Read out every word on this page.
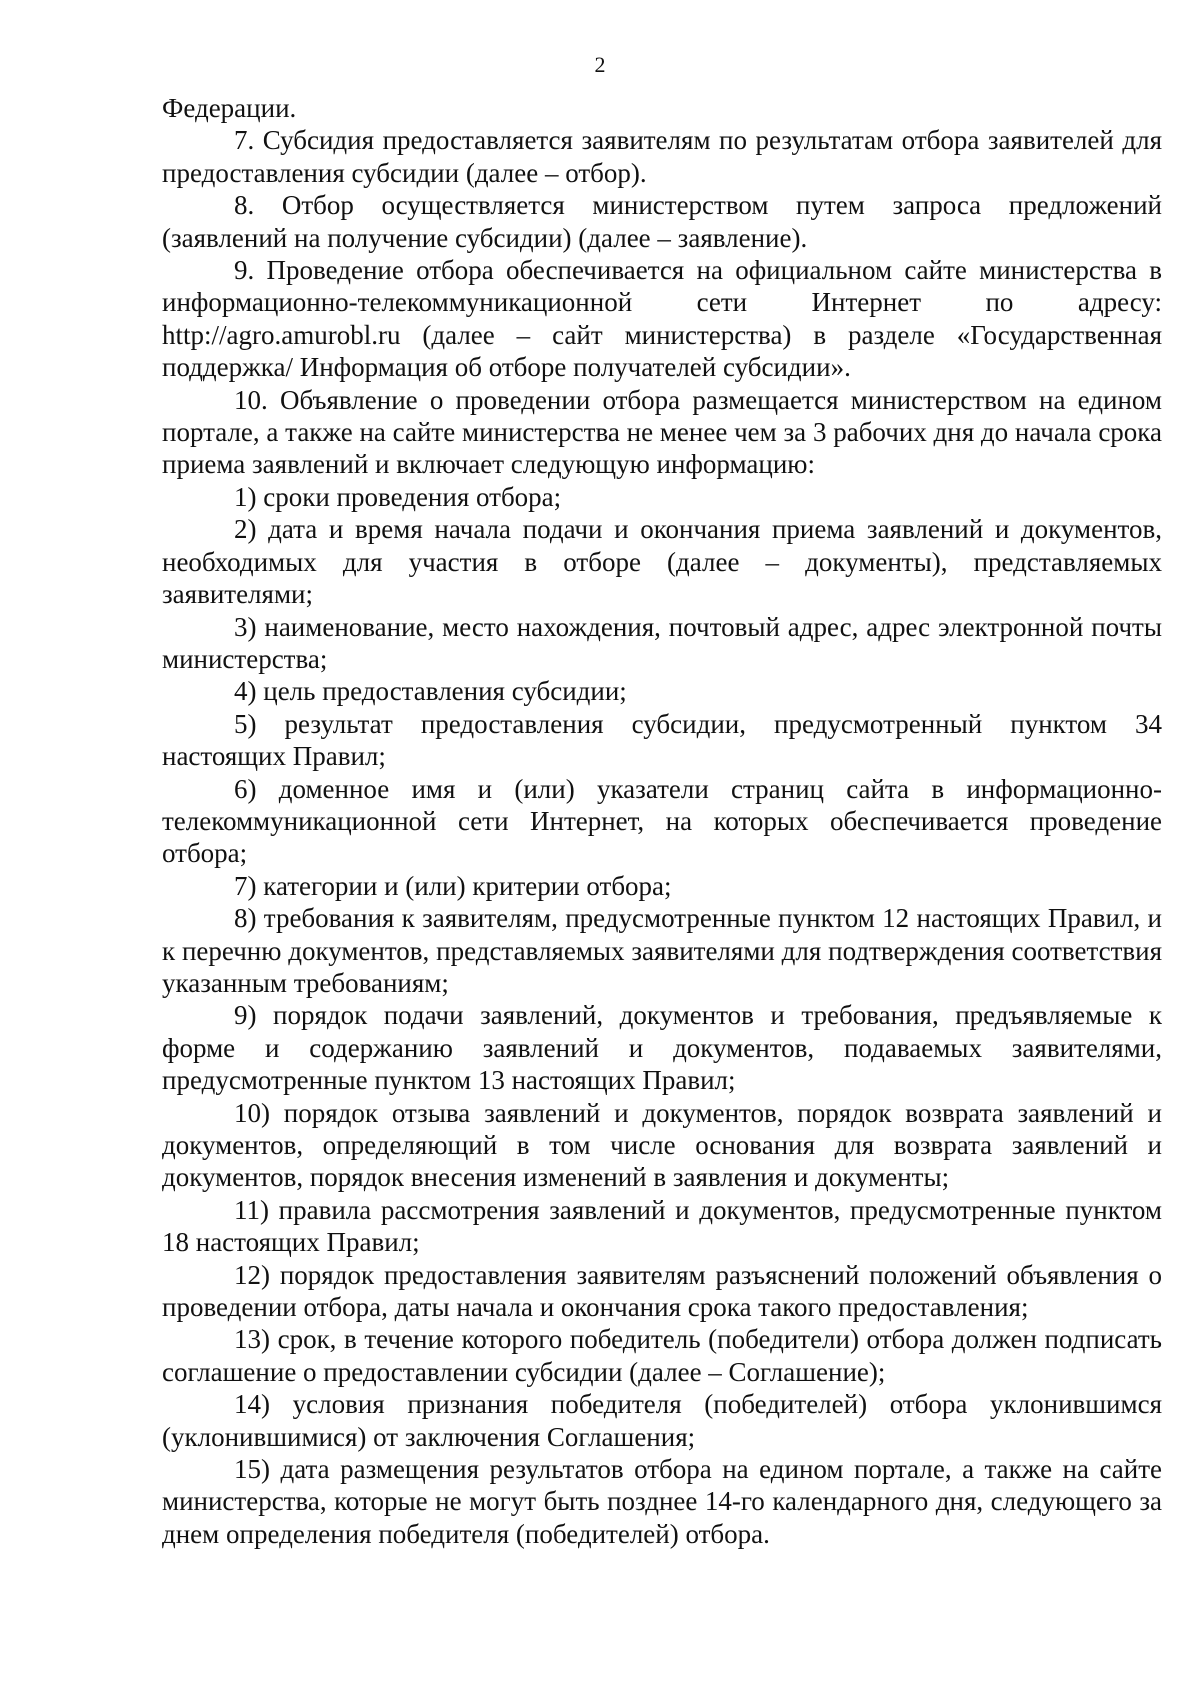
2

Федерации.

7. Субсидия предоставляется заявителям по результатам отбора заявителей для предоставления субсидии (далее – отбор).

8. Отбор осуществляется министерством путем запроса предложений (заявлений на получение субсидии) (далее – заявление).

9. Проведение отбора обеспечивается на официальном сайте министерства в информационно-телекоммуникационной сети Интернет по адресу: http://agro.amurobl.ru (далее – сайт министерства) в разделе «Государственная поддержка/ Информация об отборе получателей субсидии».

10. Объявление о проведении отбора размещается министерством на едином портале, а также на сайте министерства не менее чем за 3 рабочих дня до начала срока приема заявлений и включает следующую информацию:

1) сроки проведения отбора;

2) дата и время начала подачи и окончания приема заявлений и документов, необходимых для участия в отборе (далее – документы), представляемых заявителями;

3) наименование, место нахождения, почтовый адрес, адрес электронной почты министерства;

4) цель предоставления субсидии;

5) результат предоставления субсидии, предусмотренный пунктом 34 настоящих Правил;

6) доменное имя и (или) указатели страниц сайта в информационно-телекоммуникационной сети Интернет, на которых обеспечивается проведение отбора;

7) категории и (или) критерии отбора;

8) требования к заявителям, предусмотренные пунктом 12 настоящих Правил, и к перечню документов, представляемых заявителями для подтверждения соответствия указанным требованиям;

9) порядок подачи заявлений, документов и требования, предъявляемые к форме и содержанию заявлений и документов, подаваемых заявителями, предусмотренные пунктом 13 настоящих Правил;

10) порядок отзыва заявлений и документов, порядок возврата заявлений и документов, определяющий в том числе основания для возврата заявлений и документов, порядок внесения изменений в заявления и документы;

11) правила рассмотрения заявлений и документов, предусмотренные пунктом 18 настоящих Правил;

12) порядок предоставления заявителям разъяснений положений объявления о проведении отбора, даты начала и окончания срока такого предоставления;

13) срок, в течение которого победитель (победители) отбора должен подписать соглашение о предоставлении субсидии (далее – Соглашение);

14) условия признания победителя (победителей) отбора уклонившимся (уклонившимися) от заключения Соглашения;

15) дата размещения результатов отбора на едином портале, а также на сайте министерства, которые не могут быть позднее 14-го календарного дня, следующего за днем определения победителя (победителей) отбора.
